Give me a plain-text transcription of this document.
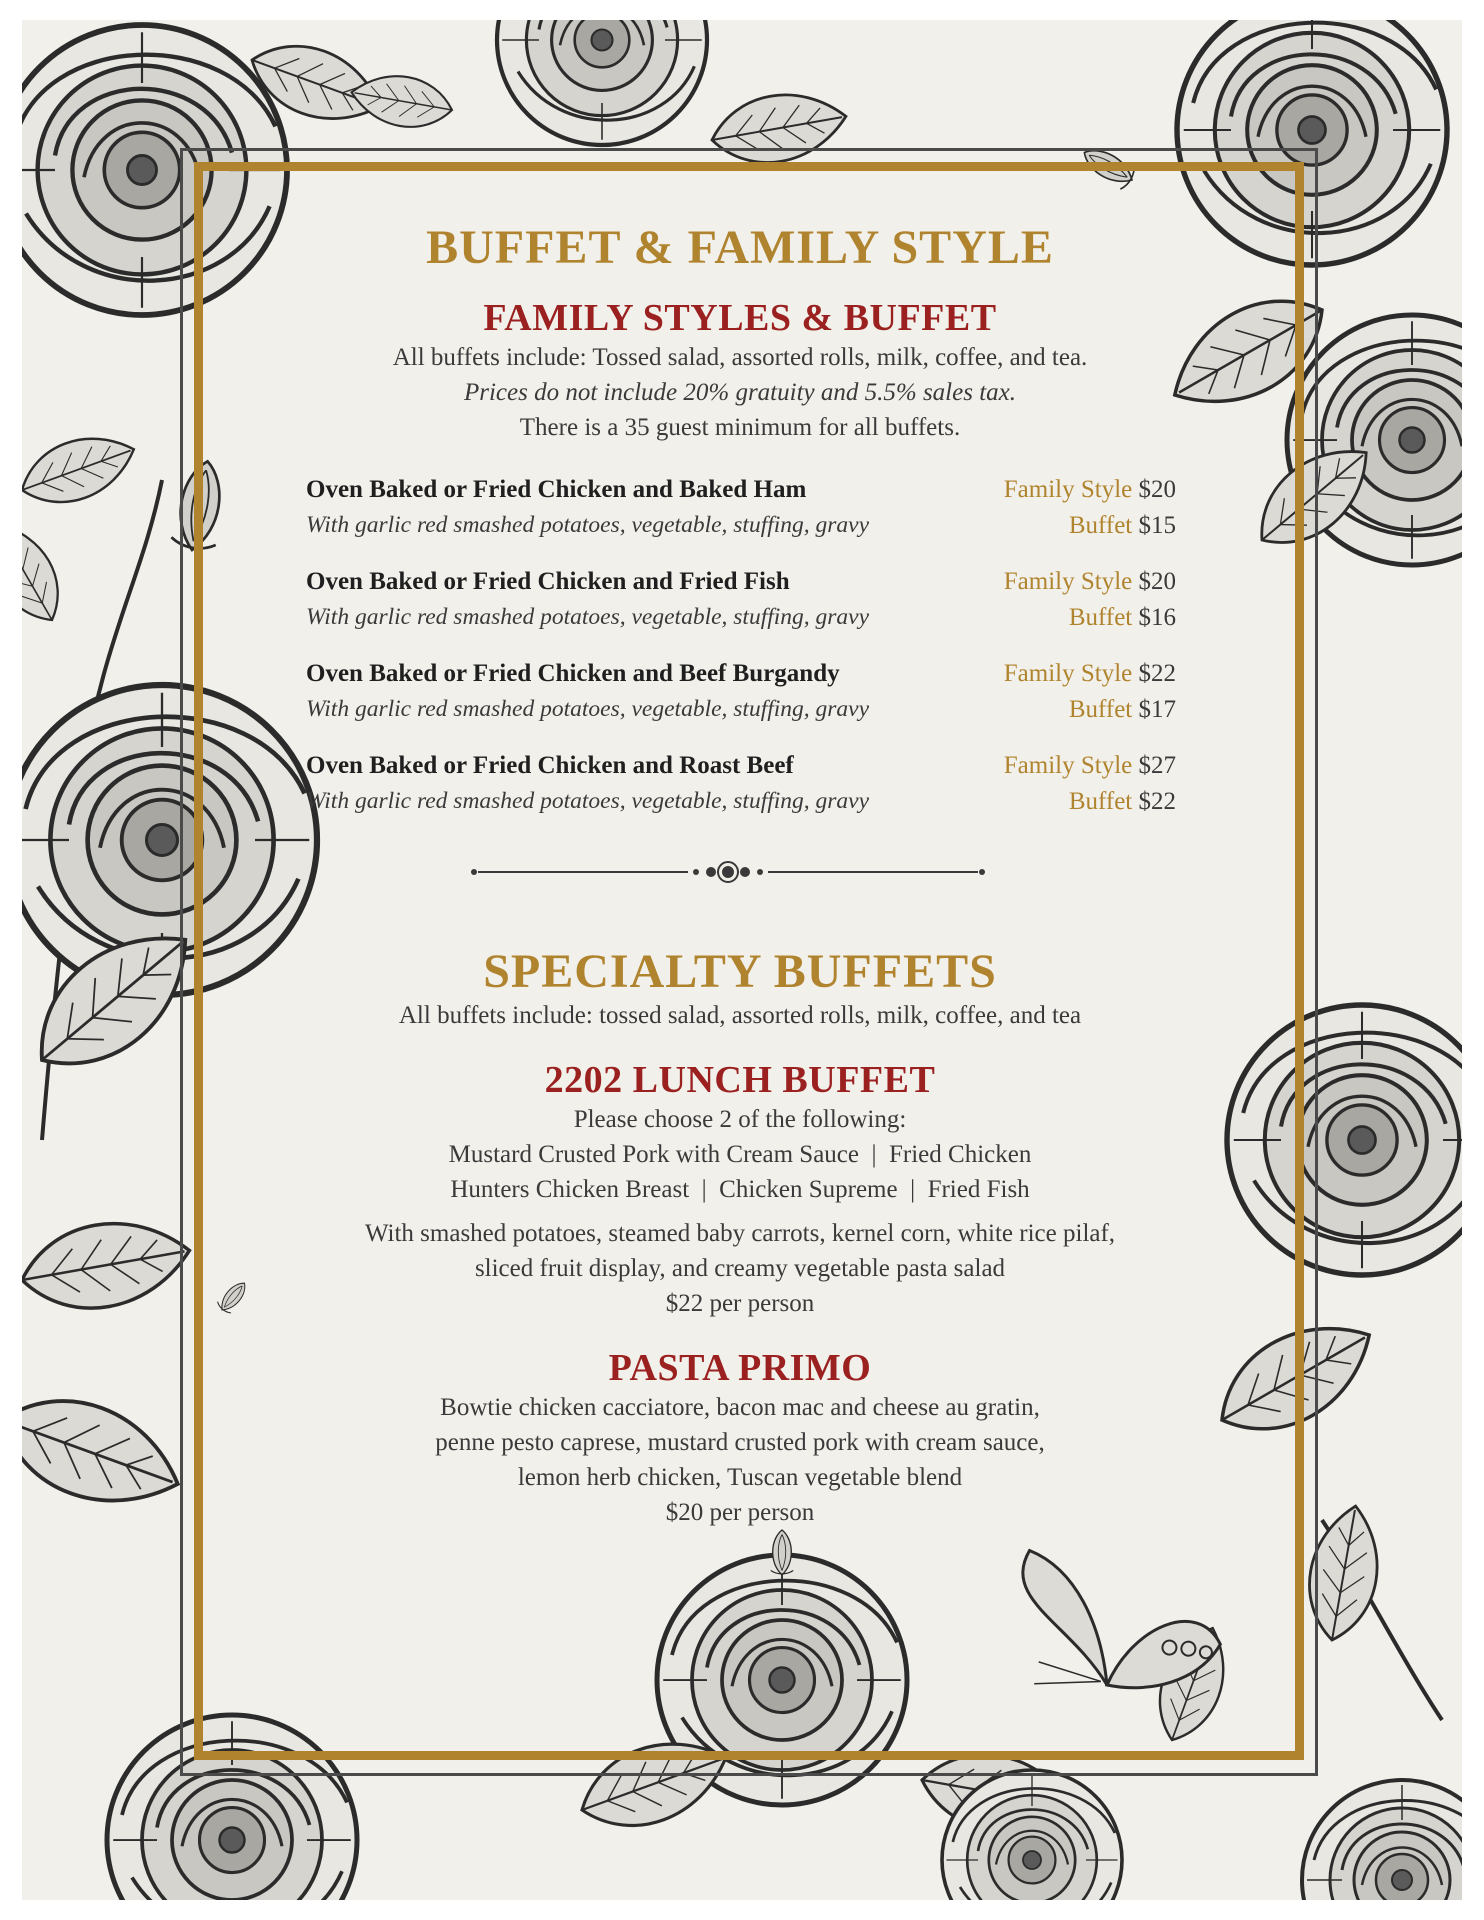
BUFFET & FAMILY STYLE
FAMILY STYLES & BUFFET
All buffets include: Tossed salad, assorted rolls, milk, coffee, and tea.
Prices do not include 20% gratuity and 5.5% sales tax.
There is a 35 guest minimum for all buffets.
Oven Baked or Fried Chicken and Baked Ham
With garlic red smashed potatoes, vegetable, stuffing, gravy
Family Style $20
Buffet $15
Oven Baked or Fried Chicken and Fried Fish
With garlic red smashed potatoes, vegetable, stuffing, gravy
Family Style $20
Buffet $16
Oven Baked or Fried Chicken and Beef Burgandy
With garlic red smashed potatoes, vegetable, stuffing, gravy
Family Style $22
Buffet $17
Oven Baked or Fried Chicken and Roast Beef
With garlic red smashed potatoes, vegetable, stuffing, gravy
Family Style $27
Buffet $22
SPECIALTY BUFFETS
All buffets include: tossed salad, assorted rolls, milk, coffee, and tea
2202 LUNCH BUFFET
Please choose 2 of the following:
Mustard Crusted Pork with Cream Sauce  |  Fried Chicken
Hunters Chicken Breast  |  Chicken Supreme  |  Fried Fish
With smashed potatoes, steamed baby carrots, kernel corn, white rice pilaf,
sliced fruit display, and creamy vegetable pasta salad
$22 per person
PASTA PRIMO
Bowtie chicken cacciatore, bacon mac and cheese au gratin,
penne pesto caprese, mustard crusted pork with cream sauce,
lemon herb chicken, Tuscan vegetable blend
$20 per person
